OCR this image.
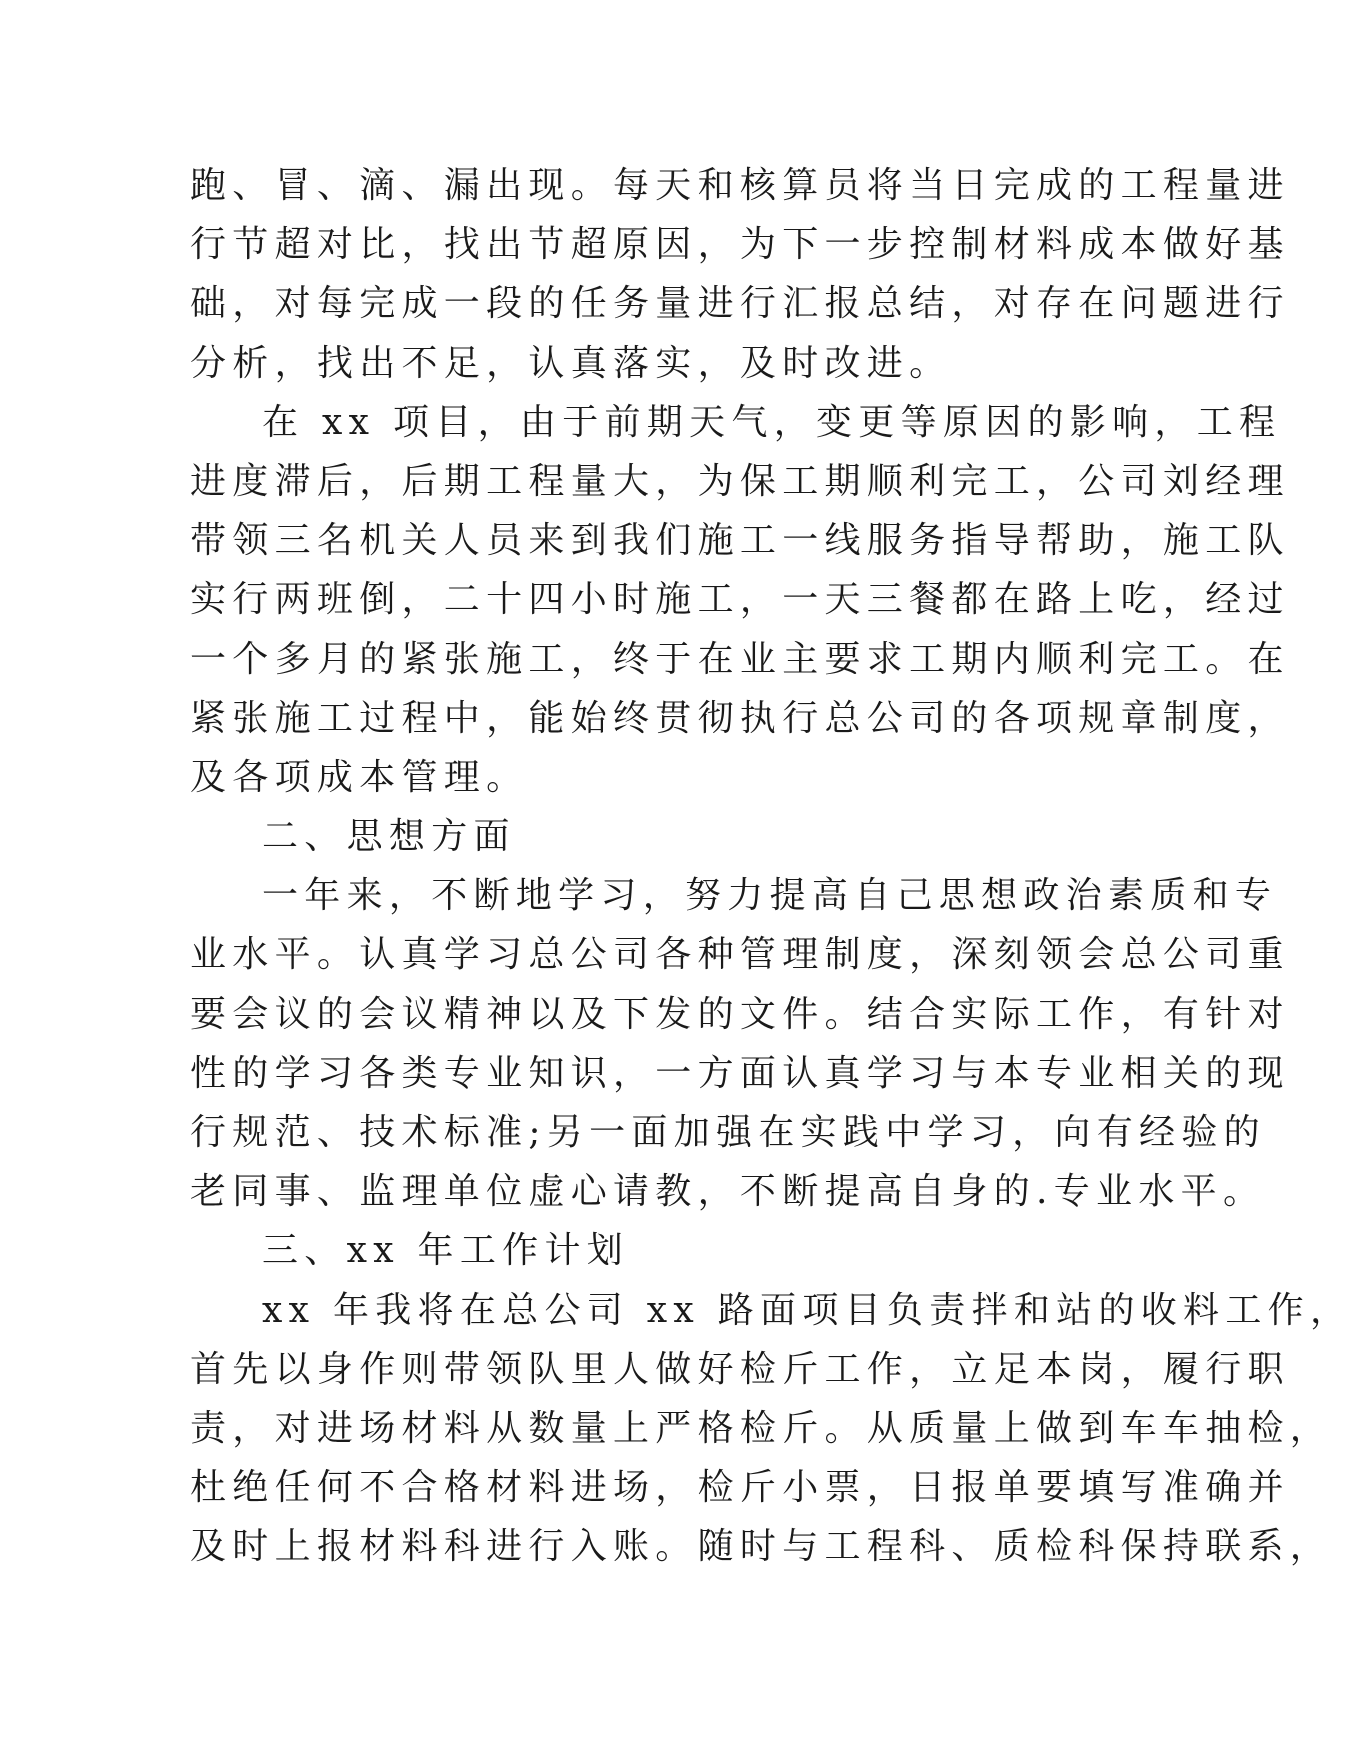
跑、冒、滴、漏出现。每天和核算员将当日完成的工程量进
行节超对比，找出节超原因，为下一步控制材料成本做好基
础，对每完成一段的任务量进行汇报总结，对存在问题进行
分析，找出不足，认真落实，及时改进。
在 xx 项目，由于前期天气，变更等原因的影响，工程
进度滞后，后期工程量大，为保工期顺利完工，公司刘经理
带领三名机关人员来到我们施工一线服务指导帮助，施工队
实行两班倒，二十四小时施工，一天三餐都在路上吃，经过
一个多月的紧张施工，终于在业主要求工期内顺利完工。在
紧张施工过程中，能始终贯彻执行总公司的各项规章制度，
及各项成本管理。
二、思想方面
一年来，不断地学习，努力提高自己思想政治素质和专
业水平。认真学习总公司各种管理制度，深刻领会总公司重
要会议的会议精神以及下发的文件。结合实际工作，有针对
性的学习各类专业知识，一方面认真学习与本专业相关的现
行规范、技术标准;另一面加强在实践中学习，向有经验的
老同事、监理单位虚心请教，不断提高自身的.专业水平。
三、xx 年工作计划
xx 年我将在总公司 xx 路面项目负责拌和站的收料工作，
首先以身作则带领队里人做好检斤工作，立足本岗，履行职
责，对进场材料从数量上严格检斤。从质量上做到车车抽检，
杜绝任何不合格材料进场，检斤小票，日报单要填写准确并
及时上报材料科进行入账。随时与工程科、质检科保持联系，
